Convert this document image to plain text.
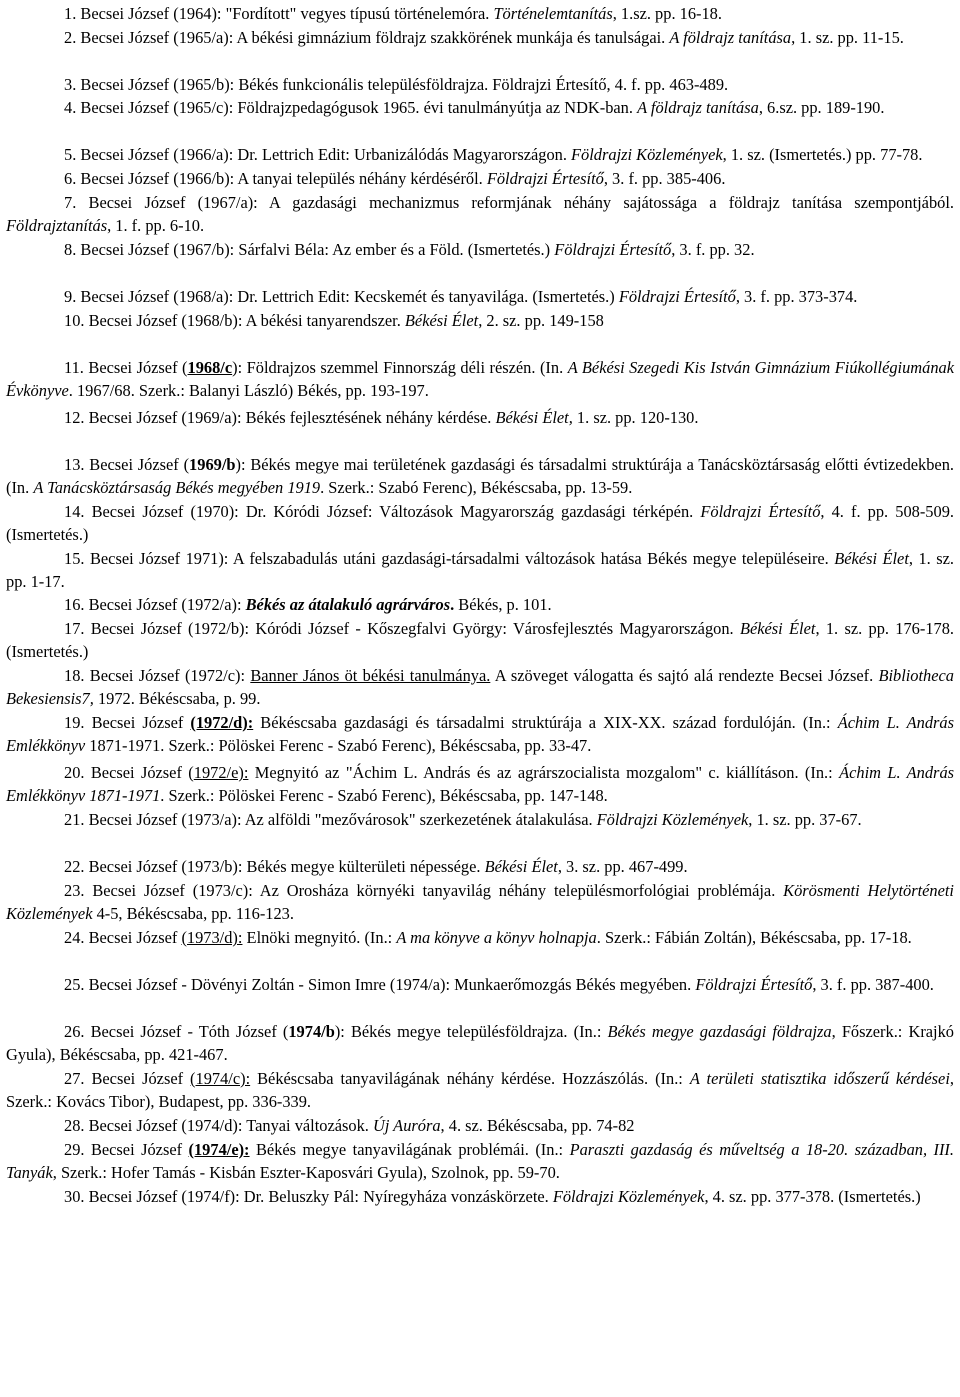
1. Becsei József (1964): "Fordított" vegyes típusú történelemóra. Történelemtanítás, 1.sz. pp. 16-18.
2. Becsei József (1965/a): A békési gimnázium földrajz szakkörének munkája és tanulságai. A földrajz tanítása, 1. sz. pp. 11-15.
3. Becsei József (1965/b): Békés funkcionális településföldrajza. Földrajzi Értesítő, 4. f. pp. 463-489.
4. Becsei József (1965/c): Földrajzpedagógusok 1965. évi tanulmányútja az NDK-ban. A földrajz tanítása, 6.sz. pp. 189-190.
5. Becsei József (1966/a): Dr. Lettrich Edit: Urbanizálódás Magyarországon. Földrajzi Közlemények, 1. sz. (Ismertetés.) pp. 77-78.
6. Becsei József (1966/b): A tanyai település néhány kérdéséről. Földrajzi Értesítő, 3. f. pp. 385-406.
7. Becsei József (1967/a): A gazdasági mechanizmus reformjának néhány sajátossága a földrajz tanítása szempontjából. Földrajztanítás, 1. f. pp. 6-10.
8. Becsei József (1967/b): Sárfalvi Béla: Az ember és a Föld. (Ismertetés.) Földrajzi Értesítő, 3. f. pp. 32.
9. Becsei József (1968/a): Dr. Lettrich Edit: Kecskemét és tanyavilága. (Ismertetés.) Földrajzi Értesítő, 3. f. pp. 373-374.
10. Becsei József (1968/b): A békési tanyarendszer. Békési Élet, 2. sz. pp. 149-158
11. Becsei József (1968/c): Földrajzos szemmel Finnország déli részén. (In. A Békési Szegedi Kis István Gimnázium Fiúkollégiumának Évkönyve. 1967/68. Szerk.: Balanyi László) Békés, pp. 193-197.
12. Becsei József (1969/a): Békés fejlesztésének néhány kérdése. Békési Élet, 1. sz. pp. 120-130.
13. Becsei József (1969/b): Békés megye mai területének gazdasági és társadalmi struktúrája a Tanácsköztársaság előtti évtizedekben. (In. A Tanácsköztársaság Békés megyében 1919. Szerk.: Szabó Ferenc), Békéscsaba, pp. 13-59.
14. Becsei József (1970): Dr. Kóródi József: Változások Magyarország gazdasági térképén. Földrajzi Értesítő, 4. f. pp. 508-509. (Ismertetés.)
15. Becsei József 1971): A felszabadulás utáni gazdasági-társadalmi változások hatása Békés megye településeire. Békési Élet, 1. sz. pp. 1-17.
16. Becsei József (1972/a): Békés az átalakuló agrárváros. Békés, p. 101.
17. Becsei József (1972/b): Kóródi József - Kőszegfalvi György: Városfejlesztés Magyarországon. Békési Élet, 1. sz. pp. 176-178. (Ismertetés.)
18. Becsei József (1972/c): Banner János öt békési tanulmánya. A szöveget válogatta és sajtó alá rendezte Becsei József. Bibliotheca Bekesiensis7, 1972. Békéscsaba, p. 99.
19. Becsei József (1972/d): Békéscsaba gazdasági és társadalmi struktúrája a XIX-XX. század fordulóján. (In.: Áchim L. András Emlékkönyv 1871-1971. Szerk.: Pölöskei Ferenc - Szabó Ferenc), Békéscsaba, pp. 33-47.
20. Becsei József (1972/e): Megnyitó az "Áchim L. András és az agrárszocialista mozgalom" c. kiállításon. (In.: Áchim L. András Emlékkönyv 1871-1971. Szerk.: Pölöskei Ferenc - Szabó Ferenc), Békéscsaba, pp. 147-148.
21. Becsei József (1973/a): Az alföldi "mezővárosok" szerkezetének átalakulása. Földrajzi Közlemények, 1. sz. pp. 37-67.
22. Becsei József (1973/b): Békés megye külterületi népessége. Békési Élet, 3. sz. pp. 467-499.
23. Becsei József (1973/c): Az Orosháza környéki tanyavilág néhány településmorfológiai problémája. Körösmenti Helytörténeti Közlemények 4-5, Békéscsaba, pp. 116-123.
24. Becsei József (1973/d): Elnöki megnyitó. (In.: A ma könyve a könyv holnapja. Szerk.: Fábián Zoltán), Békéscsaba, pp. 17-18.
25. Becsei József - Dövényi Zoltán - Simon Imre (1974/a): Munkaerőmozgás Békés megyében. Földrajzi Értesítő, 3. f. pp. 387-400.
26. Becsei József - Tóth József (1974/b): Békés megye településföldrajza. (In.: Békés megye gazdasági földrajza, Főszerk.: Krajkó Gyula), Békéscsaba, pp. 421-467.
27. Becsei József (1974/c): Békéscsaba tanyavilágának néhány kérdése. Hozzászólás. (In.: A területi statisztika időszerű kérdései, Szerk.: Kovács Tibor), Budapest, pp. 336-339.
28. Becsei József (1974/d): Tanyai változások. Új Auróra, 4. sz. Békéscsaba, pp. 74-82
29. Becsei József (1974/e): Békés megye tanyavilágának problémái. (In.: Paraszti gazdaság és műveltség a 18-20. században, III. Tanyák, Szerk.: Hofer Tamás - Kisbán Eszter-Kaposvári Gyula), Szolnok, pp. 59-70.
30. Becsei József (1974/f): Dr. Beluszky Pál: Nyíregyháza vonzáskörzete. Földrajzi Közlemények, 4. sz. pp. 377-378. (Ismertetés.)
